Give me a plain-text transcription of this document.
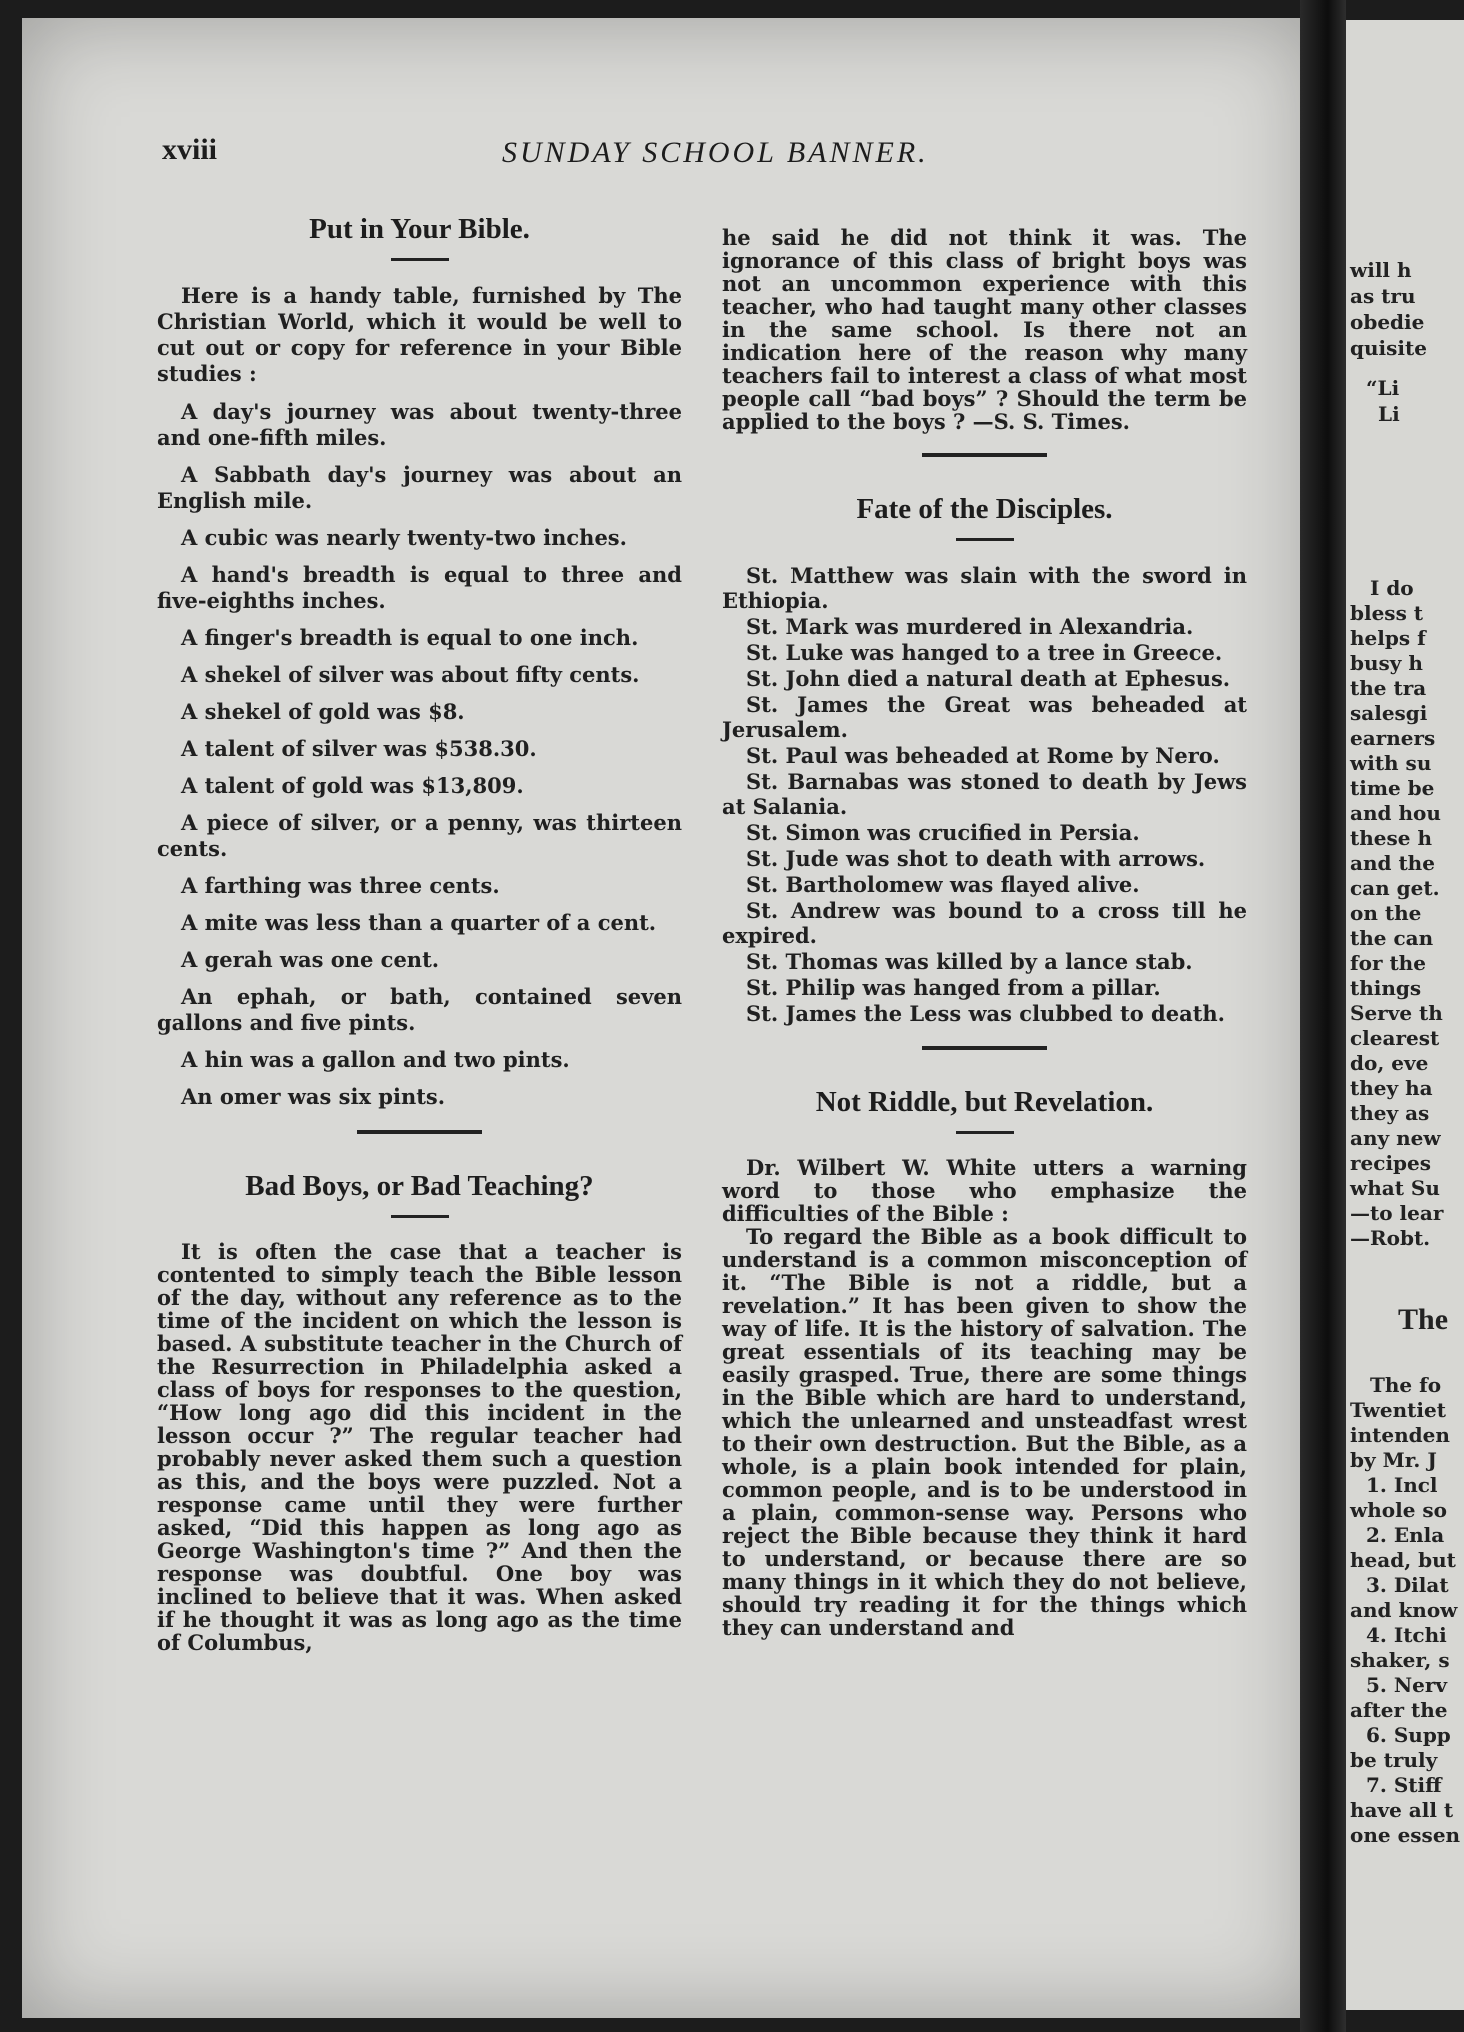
xviii	SUNDAY SCHOOL BANNER.
Put in Your Bible.

Here is a handy table, furnished by The Christian World, which it would be well to cut out or copy for reference in your Bible studies :

A day's journey was about twenty-three and one-fifth miles.

A Sabbath day's journey was about an English mile.

A cubic was nearly twenty-two inches.

A hand's breadth is equal to three and five-eighths inches.

A finger's breadth is equal to one inch.

A shekel of silver was about fifty cents.

A shekel of gold was $8.

A talent of silver was $538.30.

A talent of gold was $13,809.

A piece of silver, or a penny, was thirteen cents.

A farthing was three cents.

A mite was less than a quarter of a cent.

A gerah was one cent.

An ephah, or bath, contained seven gallons and five pints.

A hin was a gallon and two pints.

An omer was six pints.

Bad Boys, or Bad Teaching?

It is often the case that a teacher is contented to simply teach the Bible lesson of the day, without any reference as to the time of the incident on which the lesson is based. A substitute teacher in the Church of the Resurrection in Philadelphia asked a class of boys for responses to the question, “How long ago did this incident in the lesson occur ?” The regular teacher had probably never asked them such a question as this, and the boys were puzzled. Not a response came until they were further asked, “Did this happen as long ago as George Washington's time ?” And then the response was doubtful. One boy was inclined to believe that it was. When asked if he thought it was as long ago as the time of Columbus,

he said he did not think it was. The ignorance of this class of bright boys was not an uncommon experience with this teacher, who had taught many other classes in the same school. Is there not an indication here of the reason why many teachers fail to interest a class of what most people call “bad boys” ? Should the term be applied to the boys ? —S. S. Times.

Fate of the Disciples.

St. Matthew was slain with the sword in Ethiopia.

St. Mark was murdered in Alexandria.

St. Luke was hanged to a tree in Greece.

St. John died a natural death at Ephesus.

St. James the Great was beheaded at Jerusalem.

St. Paul was beheaded at Rome by Nero.

St. Barnabas was stoned to death by Jews at Salania.

St. Simon was crucified in Persia.

St. Jude was shot to death with arrows.

St. Bartholomew was flayed alive.

St. Andrew was bound to a cross till he expired.

St. Thomas was killed by a lance stab.

St. Philip was hanged from a pillar.

St. James the Less was clubbed to death.

Not Riddle, but Revelation.

Dr. Wilbert W. White utters a warning word to those who emphasize the difficulties of the Bible :

To regard the Bible as a book difficult to understand is a common misconception of it. “The Bible is not a riddle, but a revelation.” It has been given to show the way of life. It is the history of salvation. The great essentials of its teaching may be easily grasped. True, there are some things in the Bible which are hard to understand, which the unlearned and unsteadfast wrest to their own destruction. But the Bible, as a whole, is a plain book intended for plain, common people, and is to be understood in a plain, common-sense way. Persons who reject the Bible because they think it hard to understand, or because there are so many things in it which they do not believe, should try reading it for the things which they can understand and

will h
as tru
obedie
quisite
“Li
Li
I do
bless t
helps f
busy h
the tra
salesgi
earners
with su
time be
and hou
these h
and the
can get.
on the
the can
for the
things
Serve th
clearest
do, eve
they ha
they as
any new
recipes
what Su
—to lear
—Robt.
The
The fo
Twentiet
intenden
by Mr. J
1. Incl
whole so
2. Enla
head, but
3. Dilat
and know
4. Itchi
shaker, s
5. Nerv
after the
6. Supp
be truly
7. Stiff
have all t
one essen
